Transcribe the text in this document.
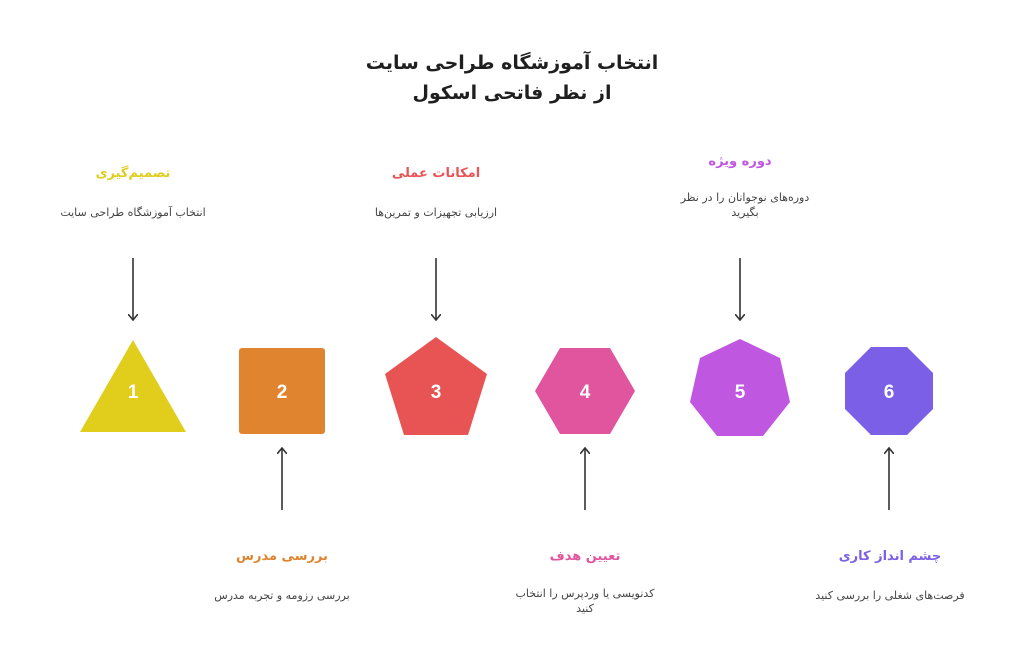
انتخاب آموزشگاه طراحی سایت
از نظر فاتحی اسکول
تصمیم‌گیری
انتخاب آموزشگاه طراحی سایت
بررسی مدرس
بررسی رزومه و تجربه مدرس
امکانات عملی
ارزیابی تجهیزات و تمرین‌ها
تعیین هدف
کدنویسی یا وردپرس را انتخاب کنید
دوره ویژه
دوره‌های نوجوانان را در نظر بگیرید
چشم انداز کاری
فرصت‌های شغلی را بررسی کنید
1	2	3	4	5	6
